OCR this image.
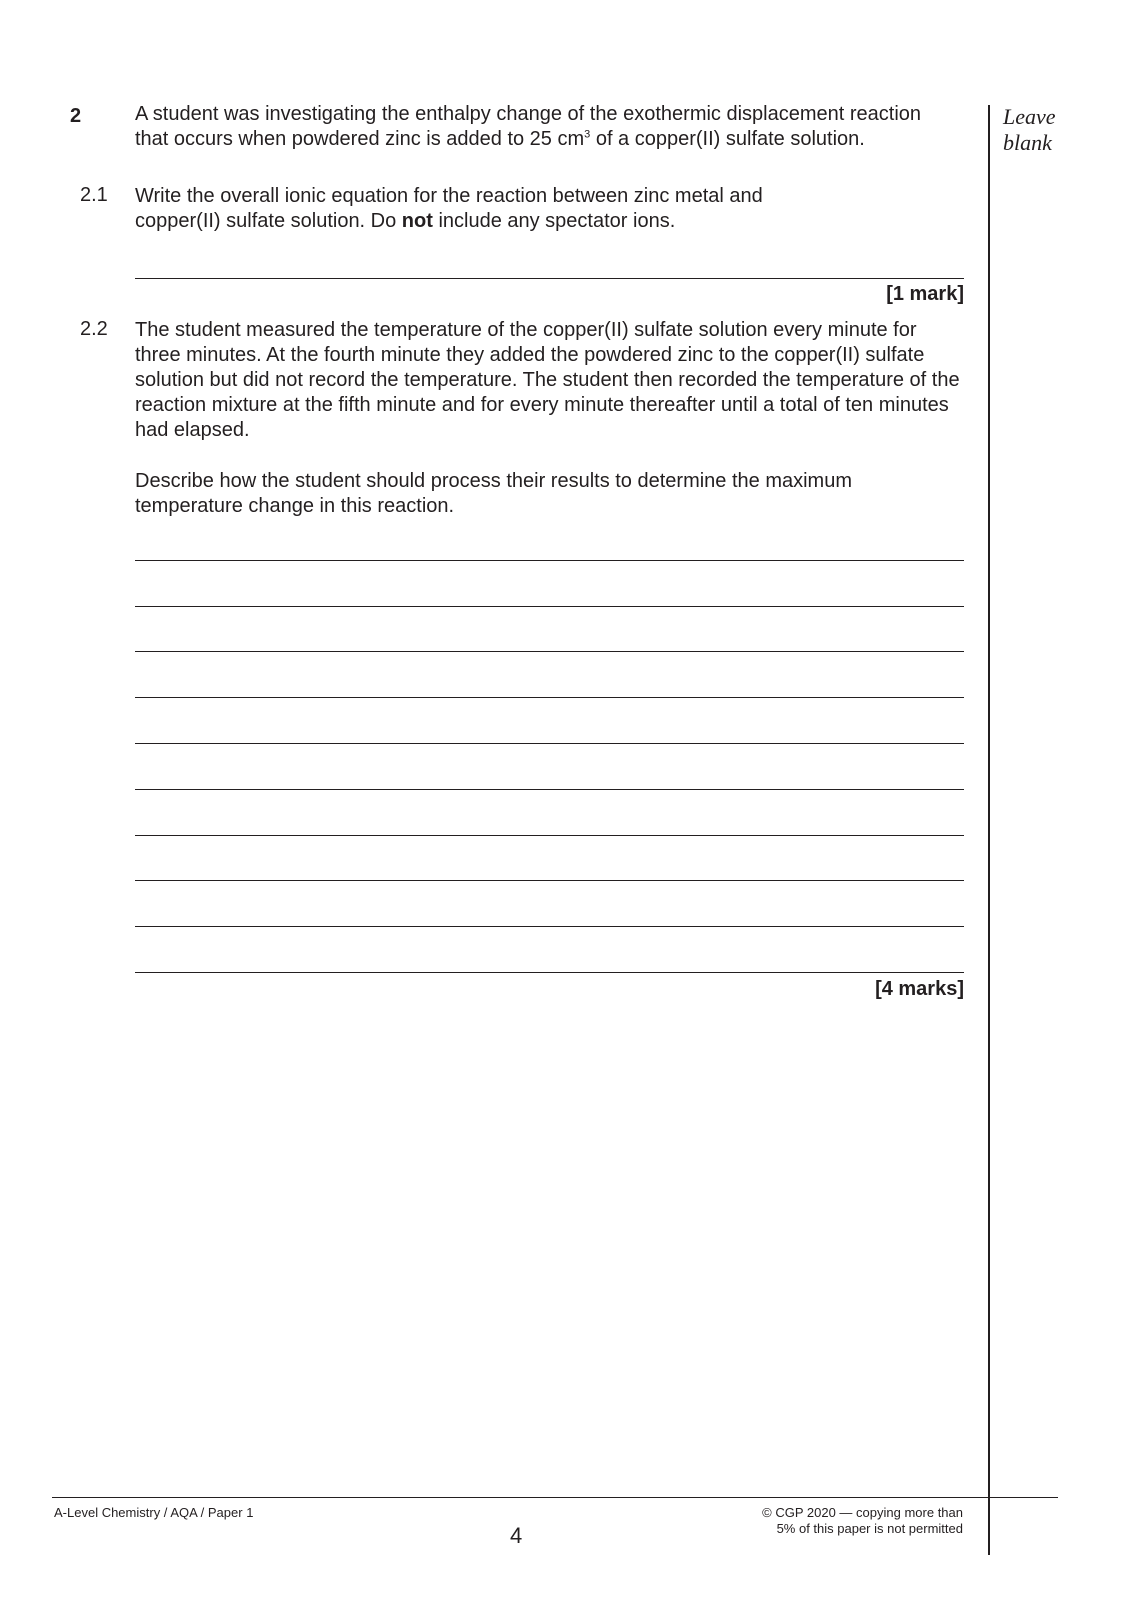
2	A student was investigating the enthalpy change of the exothermic displacement reaction that occurs when powdered zinc is added to 25 $cm^3$ of a copper(II) sulfate solution.
2.1 Write the overall ionic equation for the reaction between zinc metal and copper(II) sulfate solution. Do not include any spectator ions.
[1 mark]
2.2 The student measured the temperature of the copper(II) sulfate solution every minute for three minutes. At the fourth minute they added the powdered zinc to the copper(II) sulfate solution but did not record the temperature. The student then recorded the temperature of the reaction mixture at the fifth minute and for every minute thereafter until a total of ten minutes had elapsed.
Describe how the student should process their results to determine the maximum temperature change in this reaction.
[4 marks]
Leave
blank
A-Level Chemistry / AQA / Paper 1
4
© CGP 2020 — copying more than
5% of this paper is not permitted
